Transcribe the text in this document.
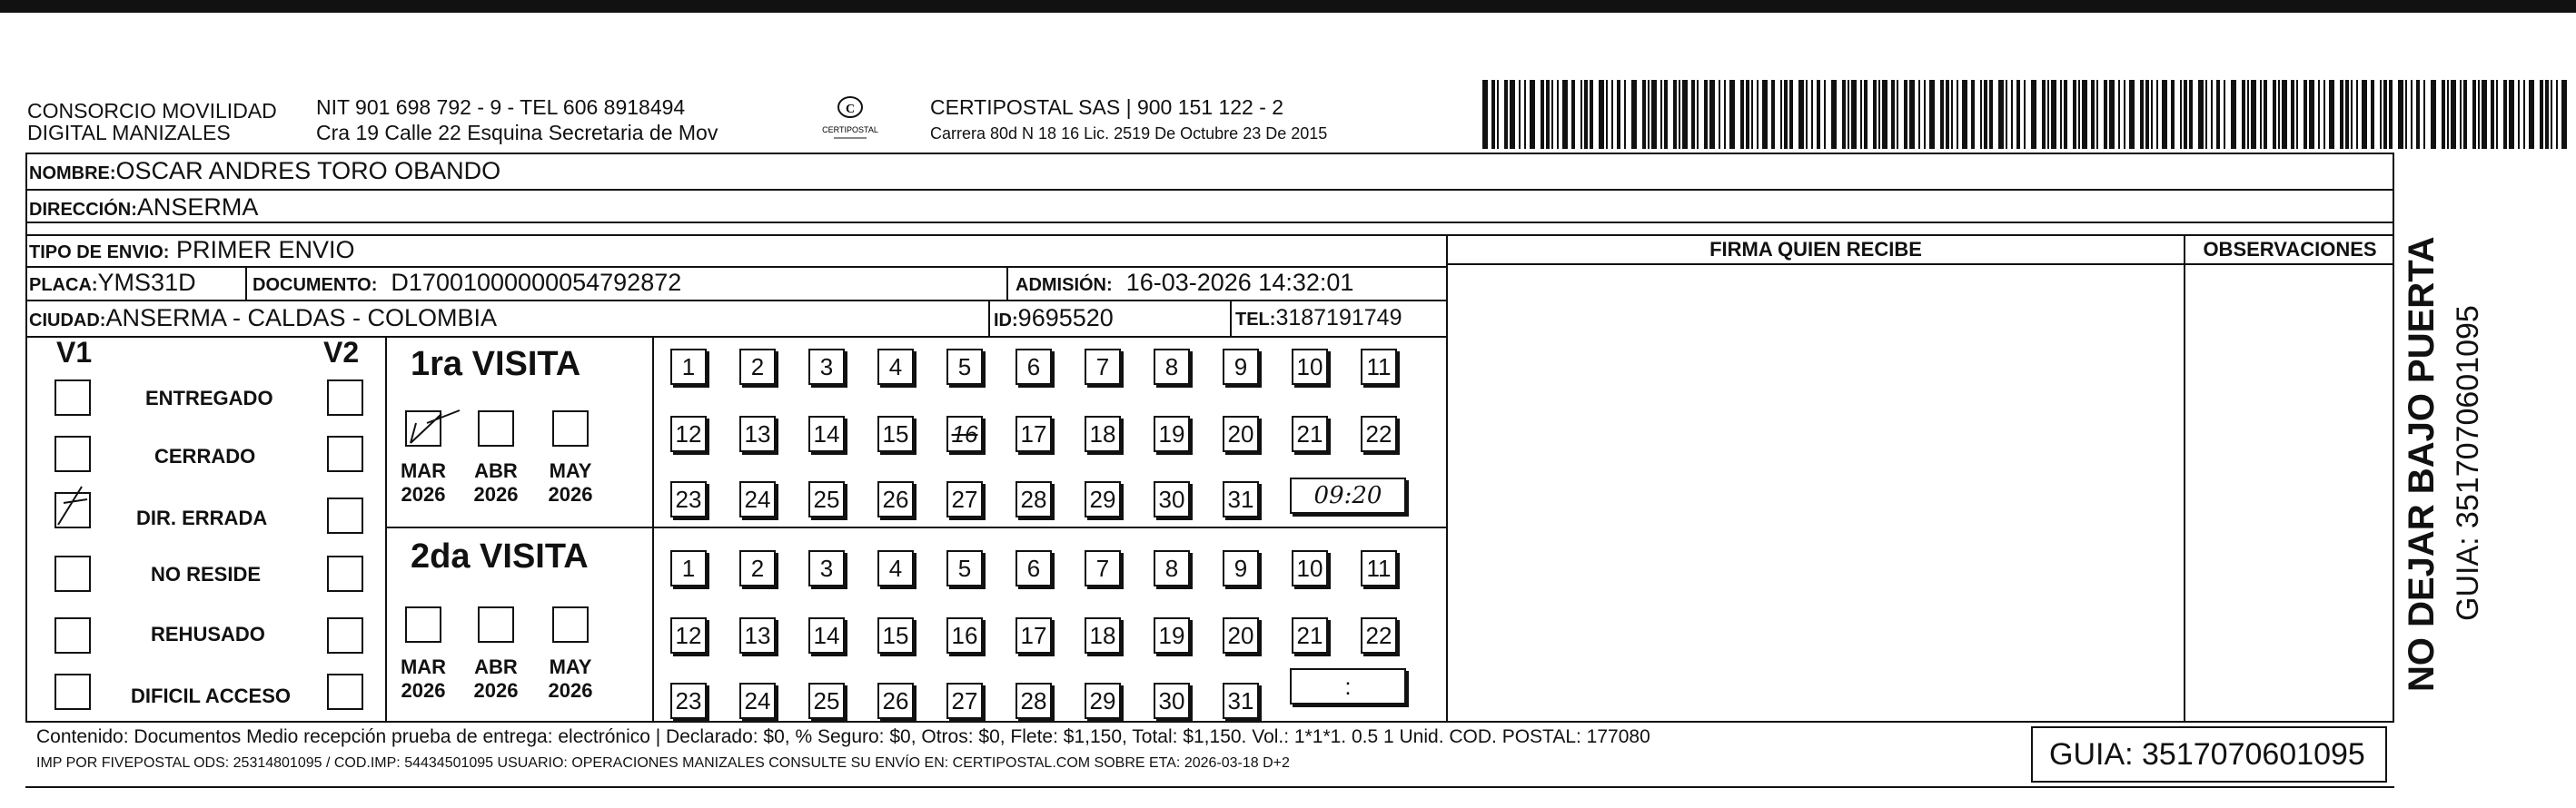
CONSORCIO MOVILIDAD
DIGITAL MANIZALES
NIT 901 698 792 - 9 - TEL 606 8918494
Cra 19 Calle 22 Esquina Secretaria de Mov
C
CERTIPOSTAL
CERTIPOSTAL SAS | 900 151 122 - 2
Carrera 80d N 18 16 Lic. 2519 De Octubre 23 De 2015
NOMBRE:OSCAR ANDRES TORO OBANDO
DIRECCIÓN:ANSERMA
TIPO DE ENVIO: PRIMER ENVIO
PLACA:YMS31D	DOCUMENTO: D17001000000054792872	ADMISIÓN: 16-03-2026 14:32:01
CIUDAD:ANSERMA - CALDAS - COLOMBIA	ID:9695520	TEL:3187191749
FIRMA QUIEN RECIBE	OBSERVACIONES
V1	V2
ENTREGADO
CERRADO
DIR. ERRADA
NO RESIDE
REHUSADO
DIFICIL ACCESO
1ra VISITA
MAR
2026
ABR
2026
MAY
2026
1	2	3	4	5	6	7	8	9	10 11
12 13 14 15 16 17 18 19 20 21 22
23 24 25 26 27 28 29 30 31	09:20
2da VISITA
MAR
2026
ABR
2026
MAY
2026
1	2	3	4	5	6	7	8	9	10 11
12 13 14 15 16 17 18 19 20 21 22
23 24 25 26 27 28 29 30 31
:
Contenido: Documentos Medio recepción prueba de entrega: electrónico | Declarado: $0, % Seguro: $0, Otros: $0, Flete: $1,150, Total: $1,150. Vol.: 1*1*1. 0.5 1 Unid. COD. POSTAL: 177080
IMP POR FIVEPOSTAL ODS: 25314801095 / COD.IMP: 54434501095 USUARIO: OPERACIONES MANIZALES CONSULTE SU ENVÍO EN: CERTIPOSTAL.COM SOBRE ETA: 2026-03-18 D+2	GUIA: 3517070601095
NO DEJAR BAJO PUERTA GUIA: 3517070601095
